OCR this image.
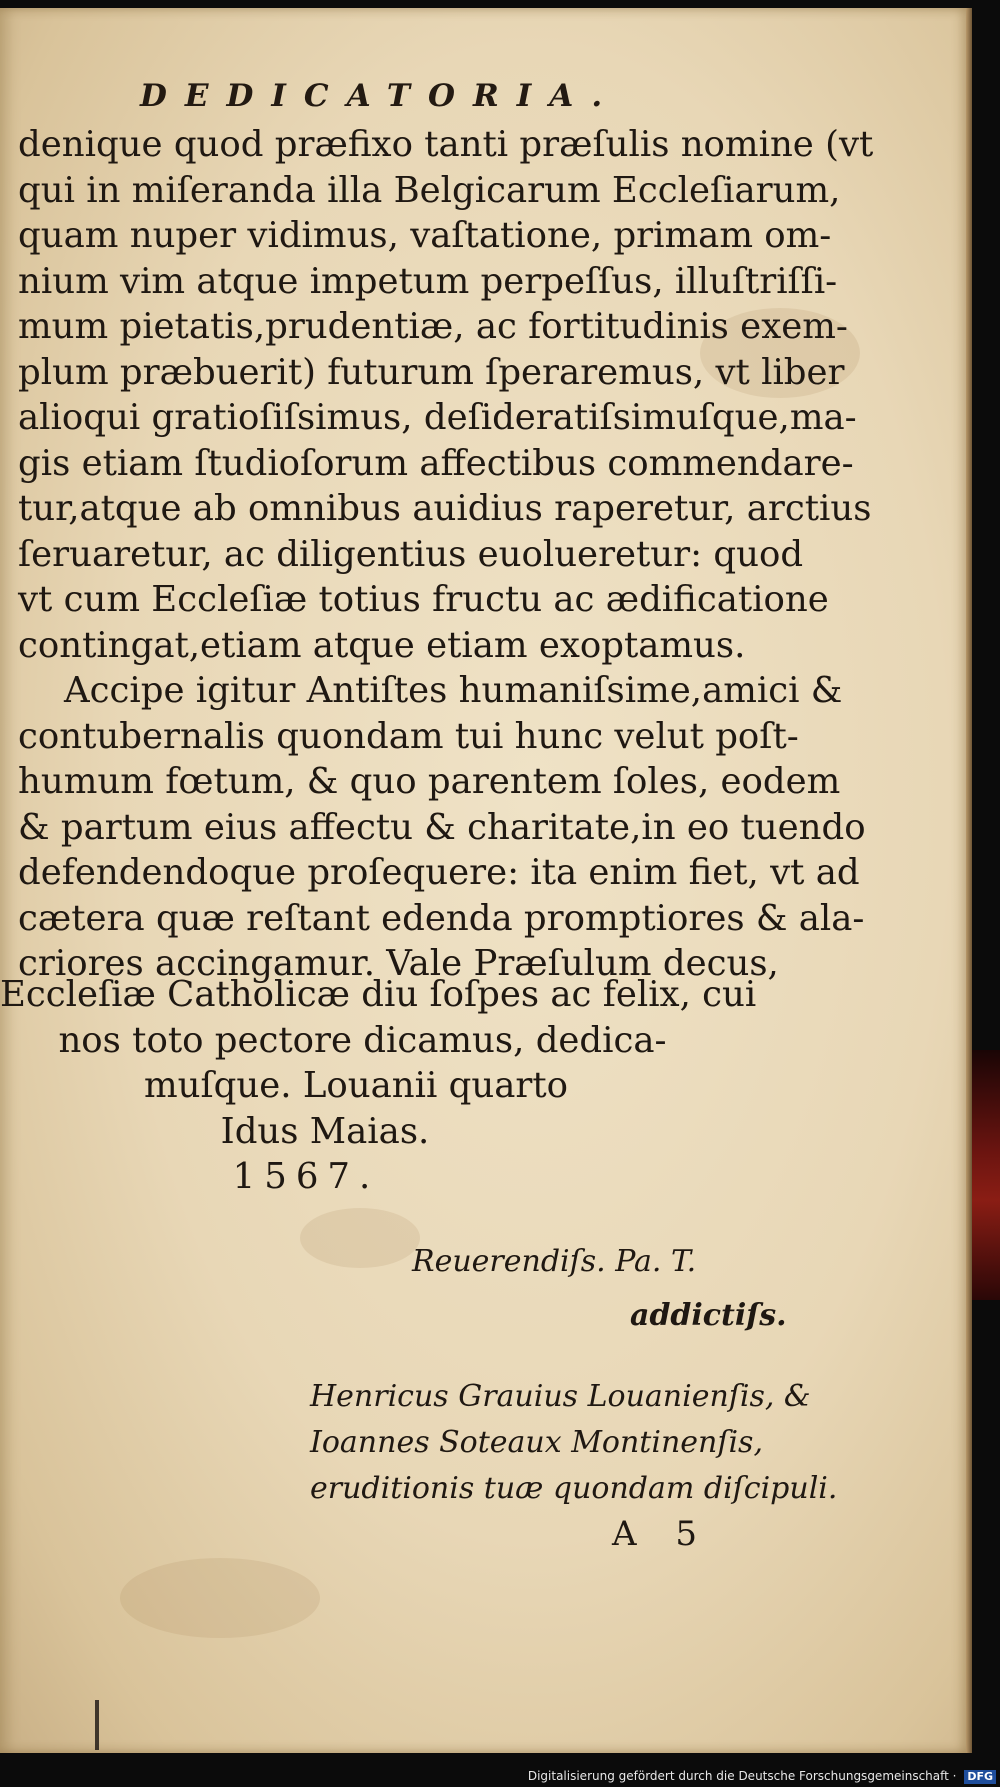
DEDICATORIA.
denique quod præfixo tanti præſulis nomine (vt
qui in miſeranda illa Belgicarum Eccleſiarum,
quam nuper vidimus, vaſtatione, primam om-
nium vim atque impetum perpeſſus, illuſtriſſi-
mum pietatis,prudentiæ, ac fortitudinis exem-
plum præbuerit) futurum ſperaremus, vt liber
alioqui gratioſiſsimus, deſideratiſsimuſque,ma-
gis etiam ſtudioſorum affectibus commendare-
tur,atque ab omnibus auidius raperetur, arctius
ſeruaretur, ac diligentius euolueretur: quod
vt cum Eccleſiæ totius fructu ac ædificatione
contingat,etiam atque etiam exoptamus.
Accipe igitur Antiſtes humaniſsime,amici &
contubernalis quondam tui hunc velut poſt-
humum fœtum, & quo parentem ſoles, eodem
& partum eius affectu & charitate,in eo tuendo
defendendoque proſequere: ita enim fiet, vt ad
cætera quæ reſtant edenda promptiores & ala-
criores accingamur. Vale Præſulum decus,
Eccleſiæ Catholicæ diu ſoſpes ac felix, cui
nos toto pectore dicamus, dedica-
muſque. Louanii quarto
Idus Maias.
1567.
Reuerendiſs. Pa. T.
addictiſs.
Henricus Grauius Louanienſis, &
Ioannes Soteaux Montinenſis,
eruditionis tuæ quondam diſcipuli.
A 5
Digitalisierung gefördert durch die Deutsche Forschungsgemeinschaft · DFG
